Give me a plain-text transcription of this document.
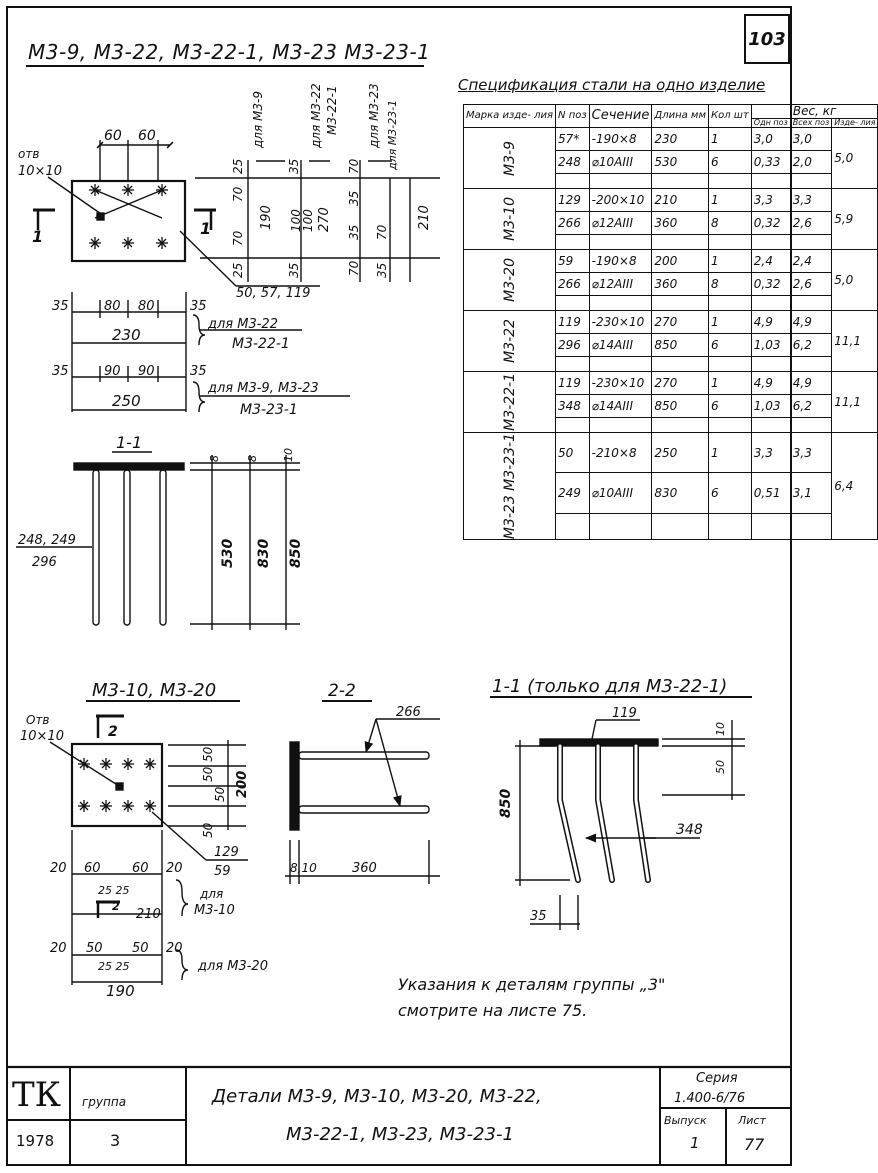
103
отв
10×10
60 60
1	1
25
70
70
190
25
для М3-9
35
100
100 270
35
для М3-22 М3-22-1
70
35
35 70
70
210
35
для М3-23 для М3-23-1
50, 57, 119
35	80 80	35
230
для М3-22
М3-22-1
35	90 90	35
250
для М3-9, М3-23
М3-23-1
1-1
8 8 10
530 830 850
248, 249
296
М3-10, М3-20
Отв
10×10	2
50
50
50
50
200
129
59
20 60 60 20
25 25
2
210
для
М3-10
20 50 50 20
25 25
190
для М3-20
2-2
266
8,10	360
1-1 (только для М3-22-1)
119
10
50
850
348
35
Указания к деталям группы „3"
смотрите на листе 75.
ТК группа
1978	3
Детали М3-9, М3-10, М3-20, М3-22,
М3-22-1, М3-23, М3-23-1
Серия
1.400-6/76
Выпуск
1
Лист
77
М3-9, М3-22, М3-22-1, М3-23 М3-23-1
Спецификация стали на одно изделие
Марка изде- лия	N поз	Сечение	Длина мм	Кол шт	Вес, кг		
					Одн поз	Всех поз	Изде- лия

М3-9	57*	-190×8	230	1	3,0	3,0	5,0
	248	⌀10АIII	530	6	0,33	2,0	

М3-10	129	-200×10	210	1	3,3	3,3	5,9
	266	⌀12АIII	360	8	0,32	2,6	

М3-20	59	-190×8	200	1	2,4	2,4	5,0
	266	⌀12АIII	360	8	0,32	2,6	

М3-22	119	-230×10	270	1	4,9	4,9	11,1
	296	⌀14АIII	850	6	1,03	6,2	

М3-22-1	119	-230×10	270	1	4,9	4,9	11,1
	348	⌀14АIII	850	6	1,03	6,2	

М3-23 М3-23-1	50	-210×8	250	1	3,3	3,3	6,4
	249	⌀10АIII	830	6	0,51	3,1	
